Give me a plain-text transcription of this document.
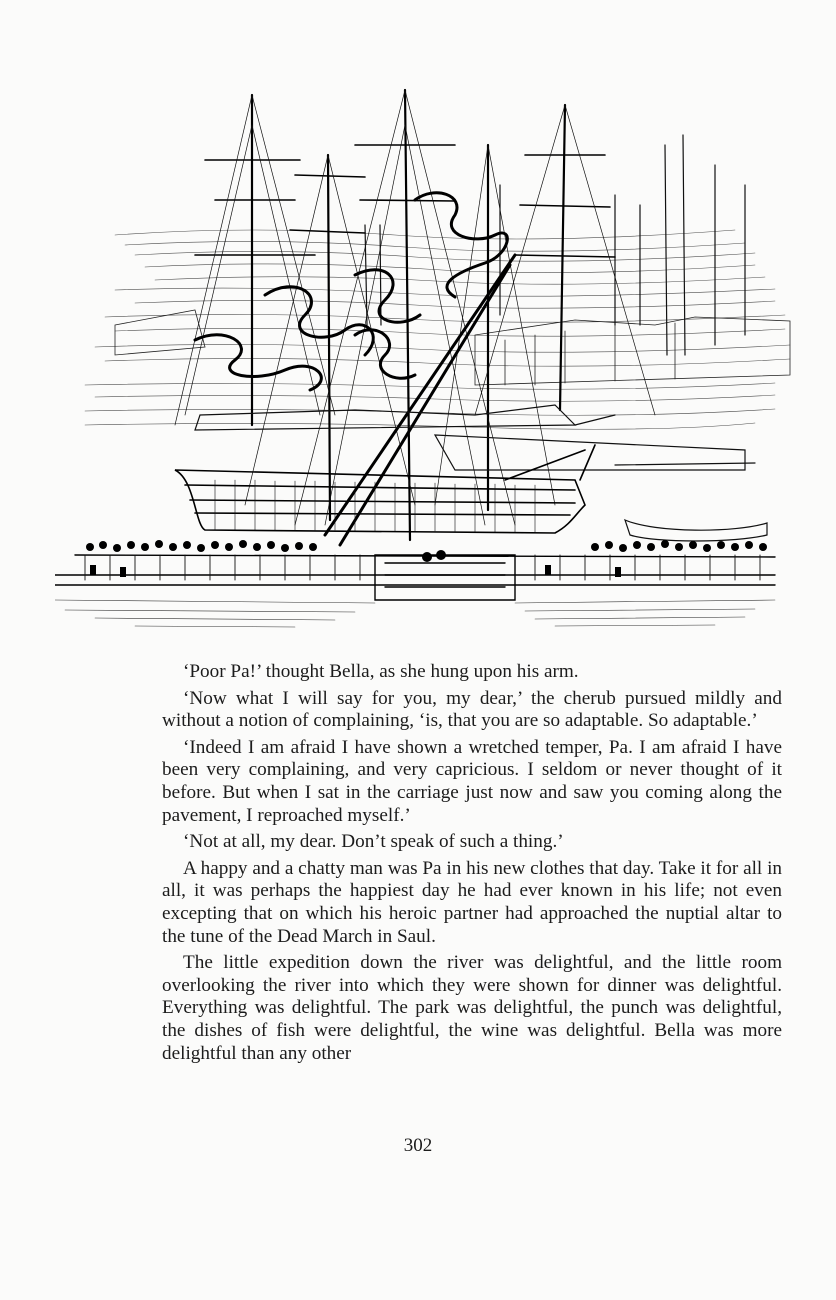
‘Poor Pa!’ thought Bella, as she hung upon his arm.

‘Now what I will say for you, my dear,’ the cherub pursued mildly and without a notion of complaining, ‘is, that you are so adaptable. So adaptable.’

‘Indeed I am afraid I have shown a wretched temper, Pa. I am afraid I have been very complaining, and very capricious. I seldom or never thought of it before. But when I sat in the carriage just now and saw you coming along the pavement, I reproached myself.’

‘Not at all, my dear. Don’t speak of such a thing.’

A happy and a chatty man was Pa in his new clothes that day. Take it for all in all, it was perhaps the happiest day he had ever known in his life; not even excepting that on which his heroic partner had approached the nuptial altar to the tune of the Dead March in Saul.

The little expedition down the river was delightful, and the little room overlooking the river into which they were shown for dinner was delightful. Everything was delightful. The park was delightful, the punch was delightful, the dishes of fish were delightful, the wine was delightful. Bella was more delightful than any other

302
